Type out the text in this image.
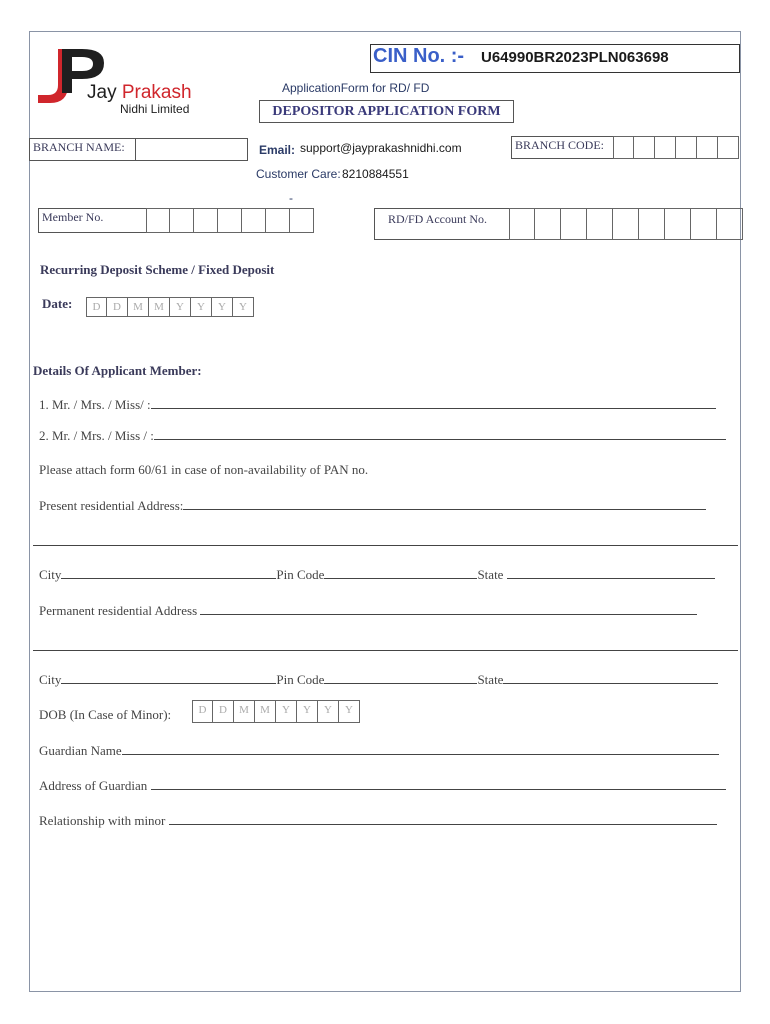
Jay Prakash
Nidhi Limited
CIN No. :- U64990BR2023PLN063698
ApplicationForm for RD/ FD
DEPOSITOR APPLICATION FORM
BRANCH NAME:	Email: support@jayprakashnidhi.com	BRANCH CODE:
Customer Care: 8210884551
-
Member No.	RD/FD Account No.
Recurring Deposit Scheme / Fixed Deposit
Date:	D	D	M	M	Y	Y	Y	Y
Details Of Applicant Member:
1. Mr. / Mrs. / Miss/ :
2. Mr. / Mrs. / Miss / :
Please attach form 60/61 in case of non-availability of PAN no.
Present residential Address:
City	Pin Code	State
Permanent residential Address
City	Pin Code	State
DOB (In Case of Minor):	D	D	M	M	Y	Y	Y	Y
Guardian Name
Address of Guardian
Relationship with minor
